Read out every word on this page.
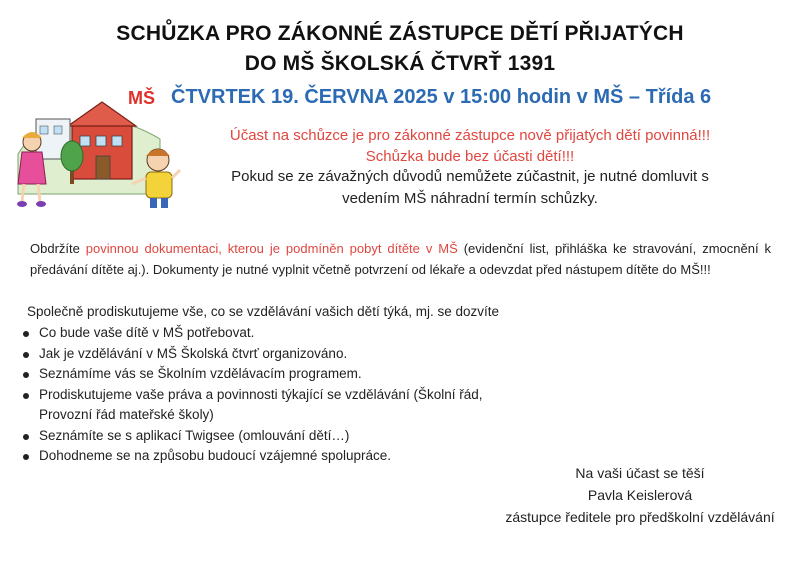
SCHŮZKA PRO ZÁKONNÉ ZÁSTUPCE DĚTÍ PŘIJATÝCH
DO MŠ ŠKOLSKÁ ČTVRŤ 1391
MŠ ČTVRTEK 19. ČERVNA 2025 v 15:00 hodin v MŠ – Třída 6
Účast na schůzce je pro zákonné zástupce nově přijatých dětí povinná!!!
Schůzka bude bez účasti dětí!!!
Pokud se ze závažných důvodů nemůžete zúčastnit, je nutné domluvit s
vedením MŠ náhradní termín schůzky.
Obdržíte povinnou dokumentaci, kterou je podmíněn pobyt dítěte v MŠ (evidenční list, přihláška ke stravování, zmocnění k předávání dítěte aj.). Dokumenty je nutné vyplnit včetně potvrzení od lékaře a odevzdat před nástupem dítěte do MŠ!!!
Společně prodiskutujeme vše, co se vzdělávání vašich dětí týká, mj. se dozvíte
Co bude vaše dítě v MŠ potřebovat.
Jak je vzdělávání v MŠ Školská čtvrť organizováno.
Seznámíme vás se Školním vzdělávacím programem.
Prodiskutujeme vaše práva a povinnosti týkající se vzdělávání (Školní řád,
Provozní řád mateřské školy)
Seznámíte se s aplikací Twigsee (omlouvání dětí…)
Dohodneme se na způsobu budoucí vzájemné spolupráce.
Na vaši účast se těší
Pavla Keislerová
zástupce ředitele pro předškolní vzdělávání
